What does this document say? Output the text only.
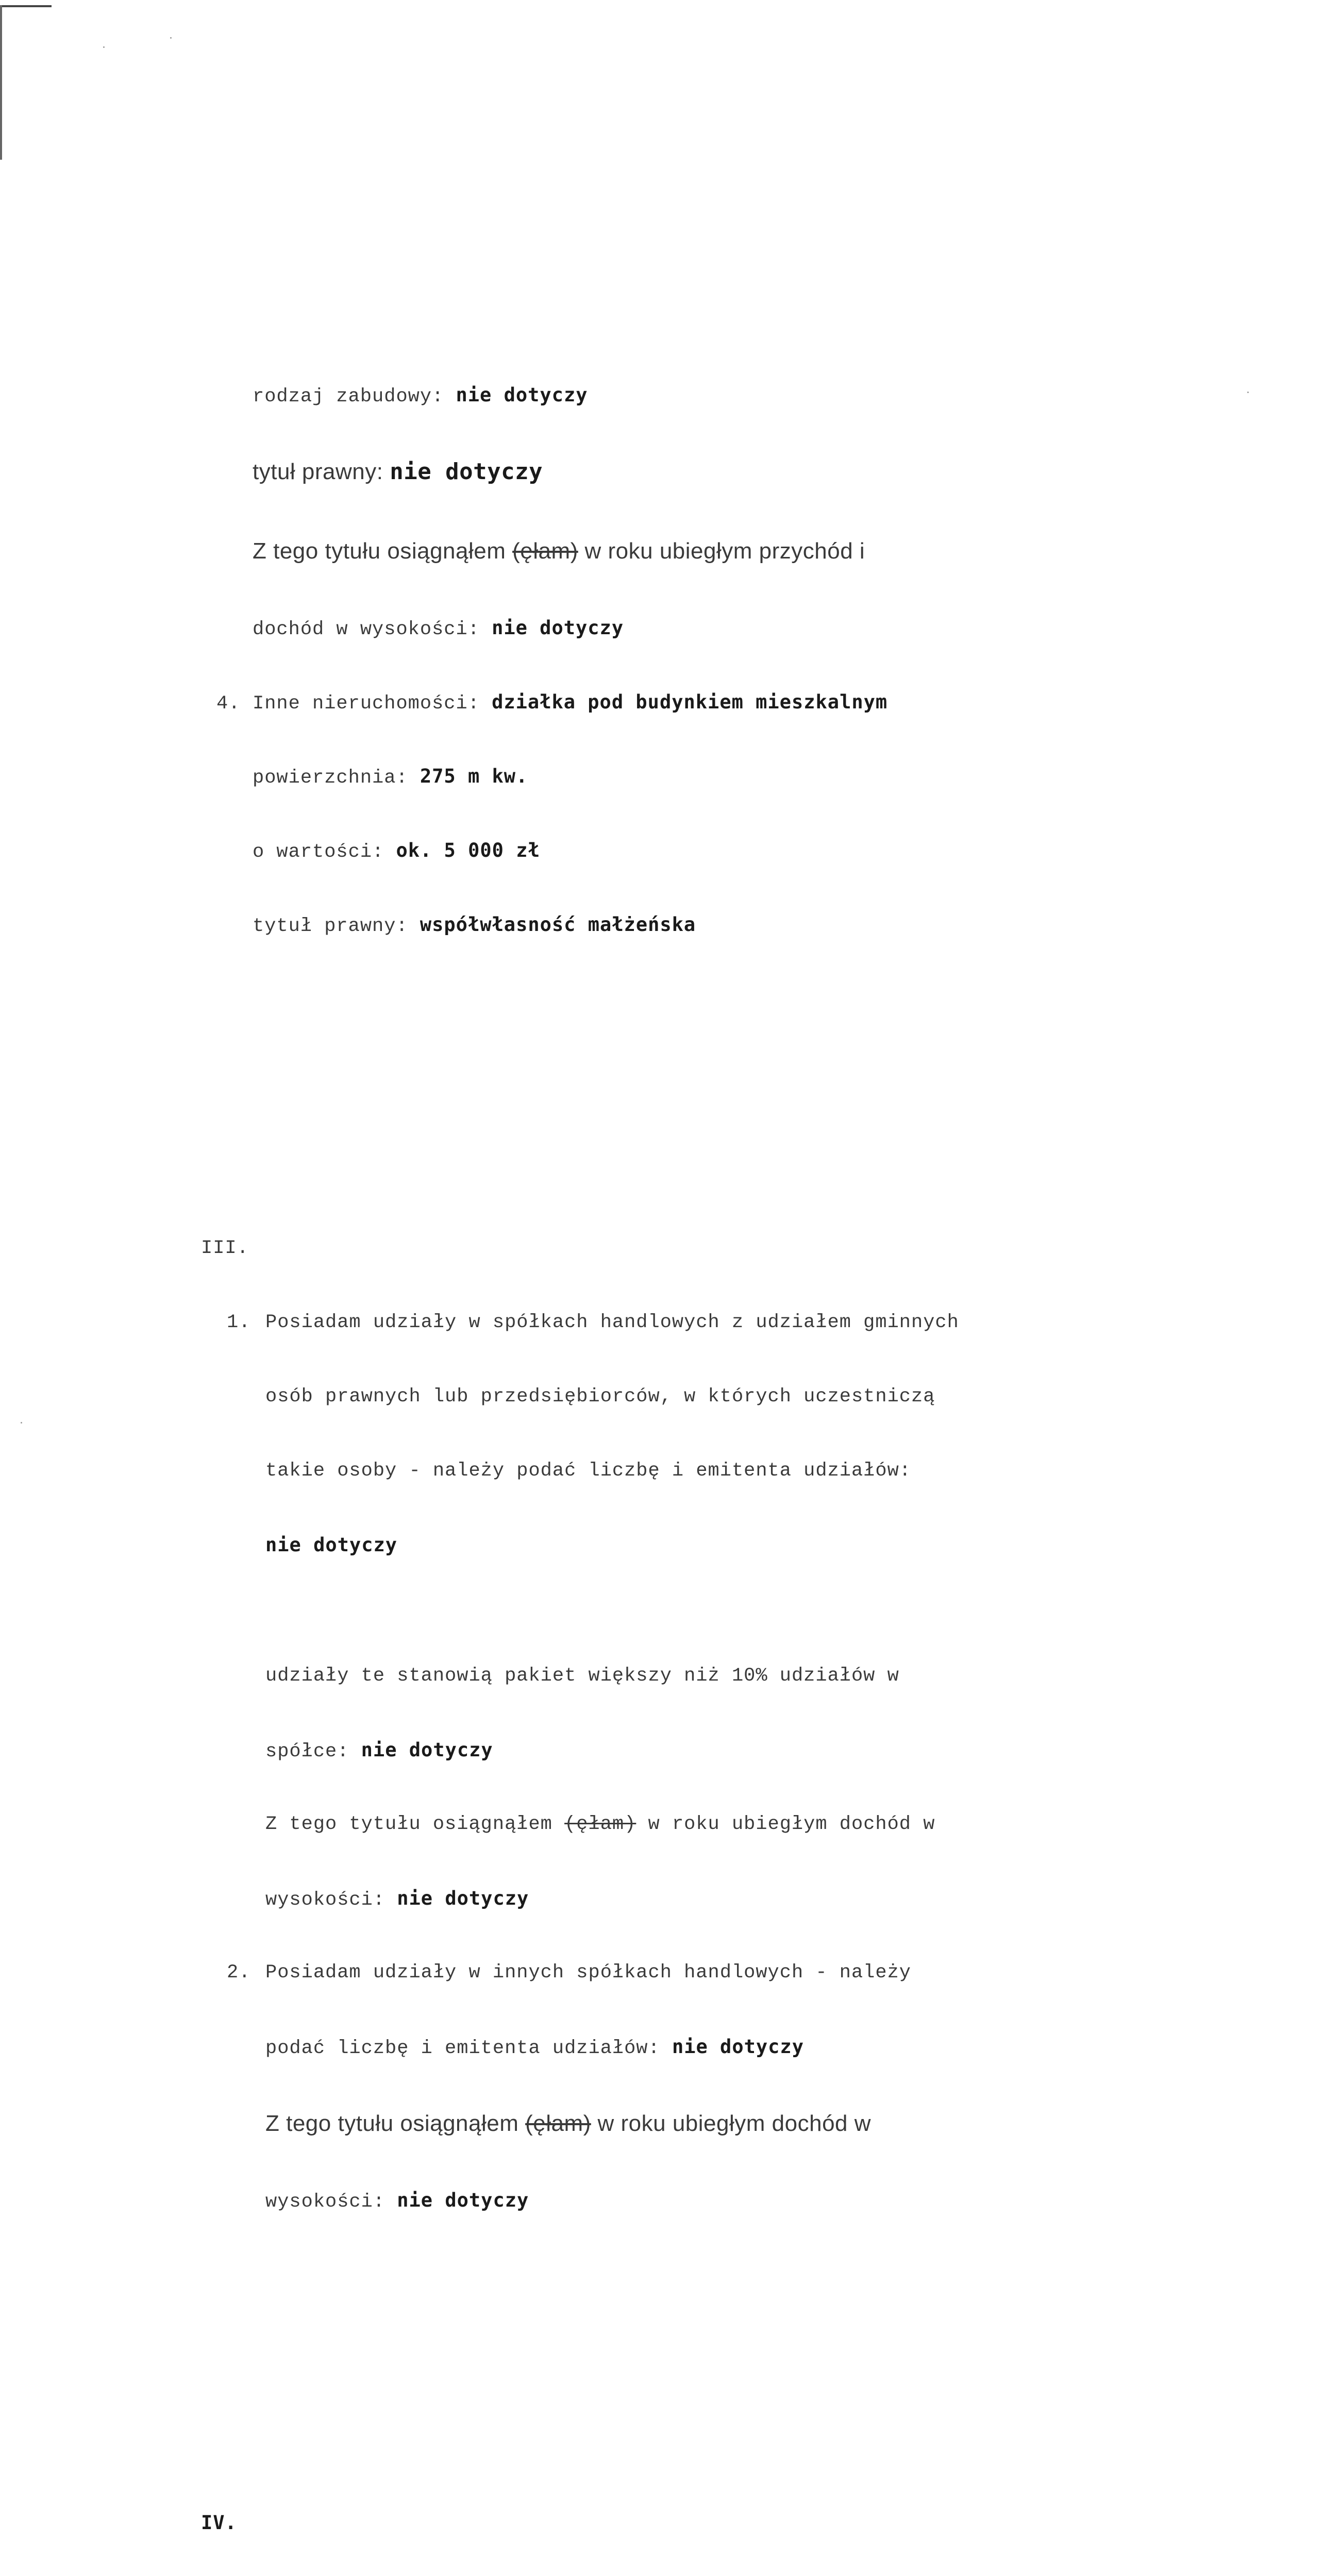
rodzaj zabudowy: nie dotyczy

tytuł prawny: nie dotyczy

Z tego tytułu osiągnąłem (ęłam) w roku ubiegłym przychód i

dochód w wysokości: nie dotyczy

4. Inne nieruchomości: działka pod budynkiem mieszkalnym

powierzchnia: 275 m kw.

o wartości: ok. 5 000 zł

tytuł prawny: współwłasność małżeńska

III.

1. Posiadam udziały w spółkach handlowych z udziałem gminnych

osób prawnych lub przedsiębiorców, w których uczestniczą

takie osoby - należy podać liczbę i emitenta udziałów:

nie dotyczy

udziały te stanowią pakiet większy niż 10% udziałów w

spółce: nie dotyczy

Z tego tytułu osiągnąłem (ęłam) w roku ubiegłym dochód w

wysokości: nie dotyczy

2. Posiadam udziały w innych spółkach handlowych - należy

podać liczbę i emitenta udziałów: nie dotyczy

Z tego tytułu osiągnąłem (ęłam) w roku ubiegłym dochód w

wysokości: nie dotyczy

IV.
